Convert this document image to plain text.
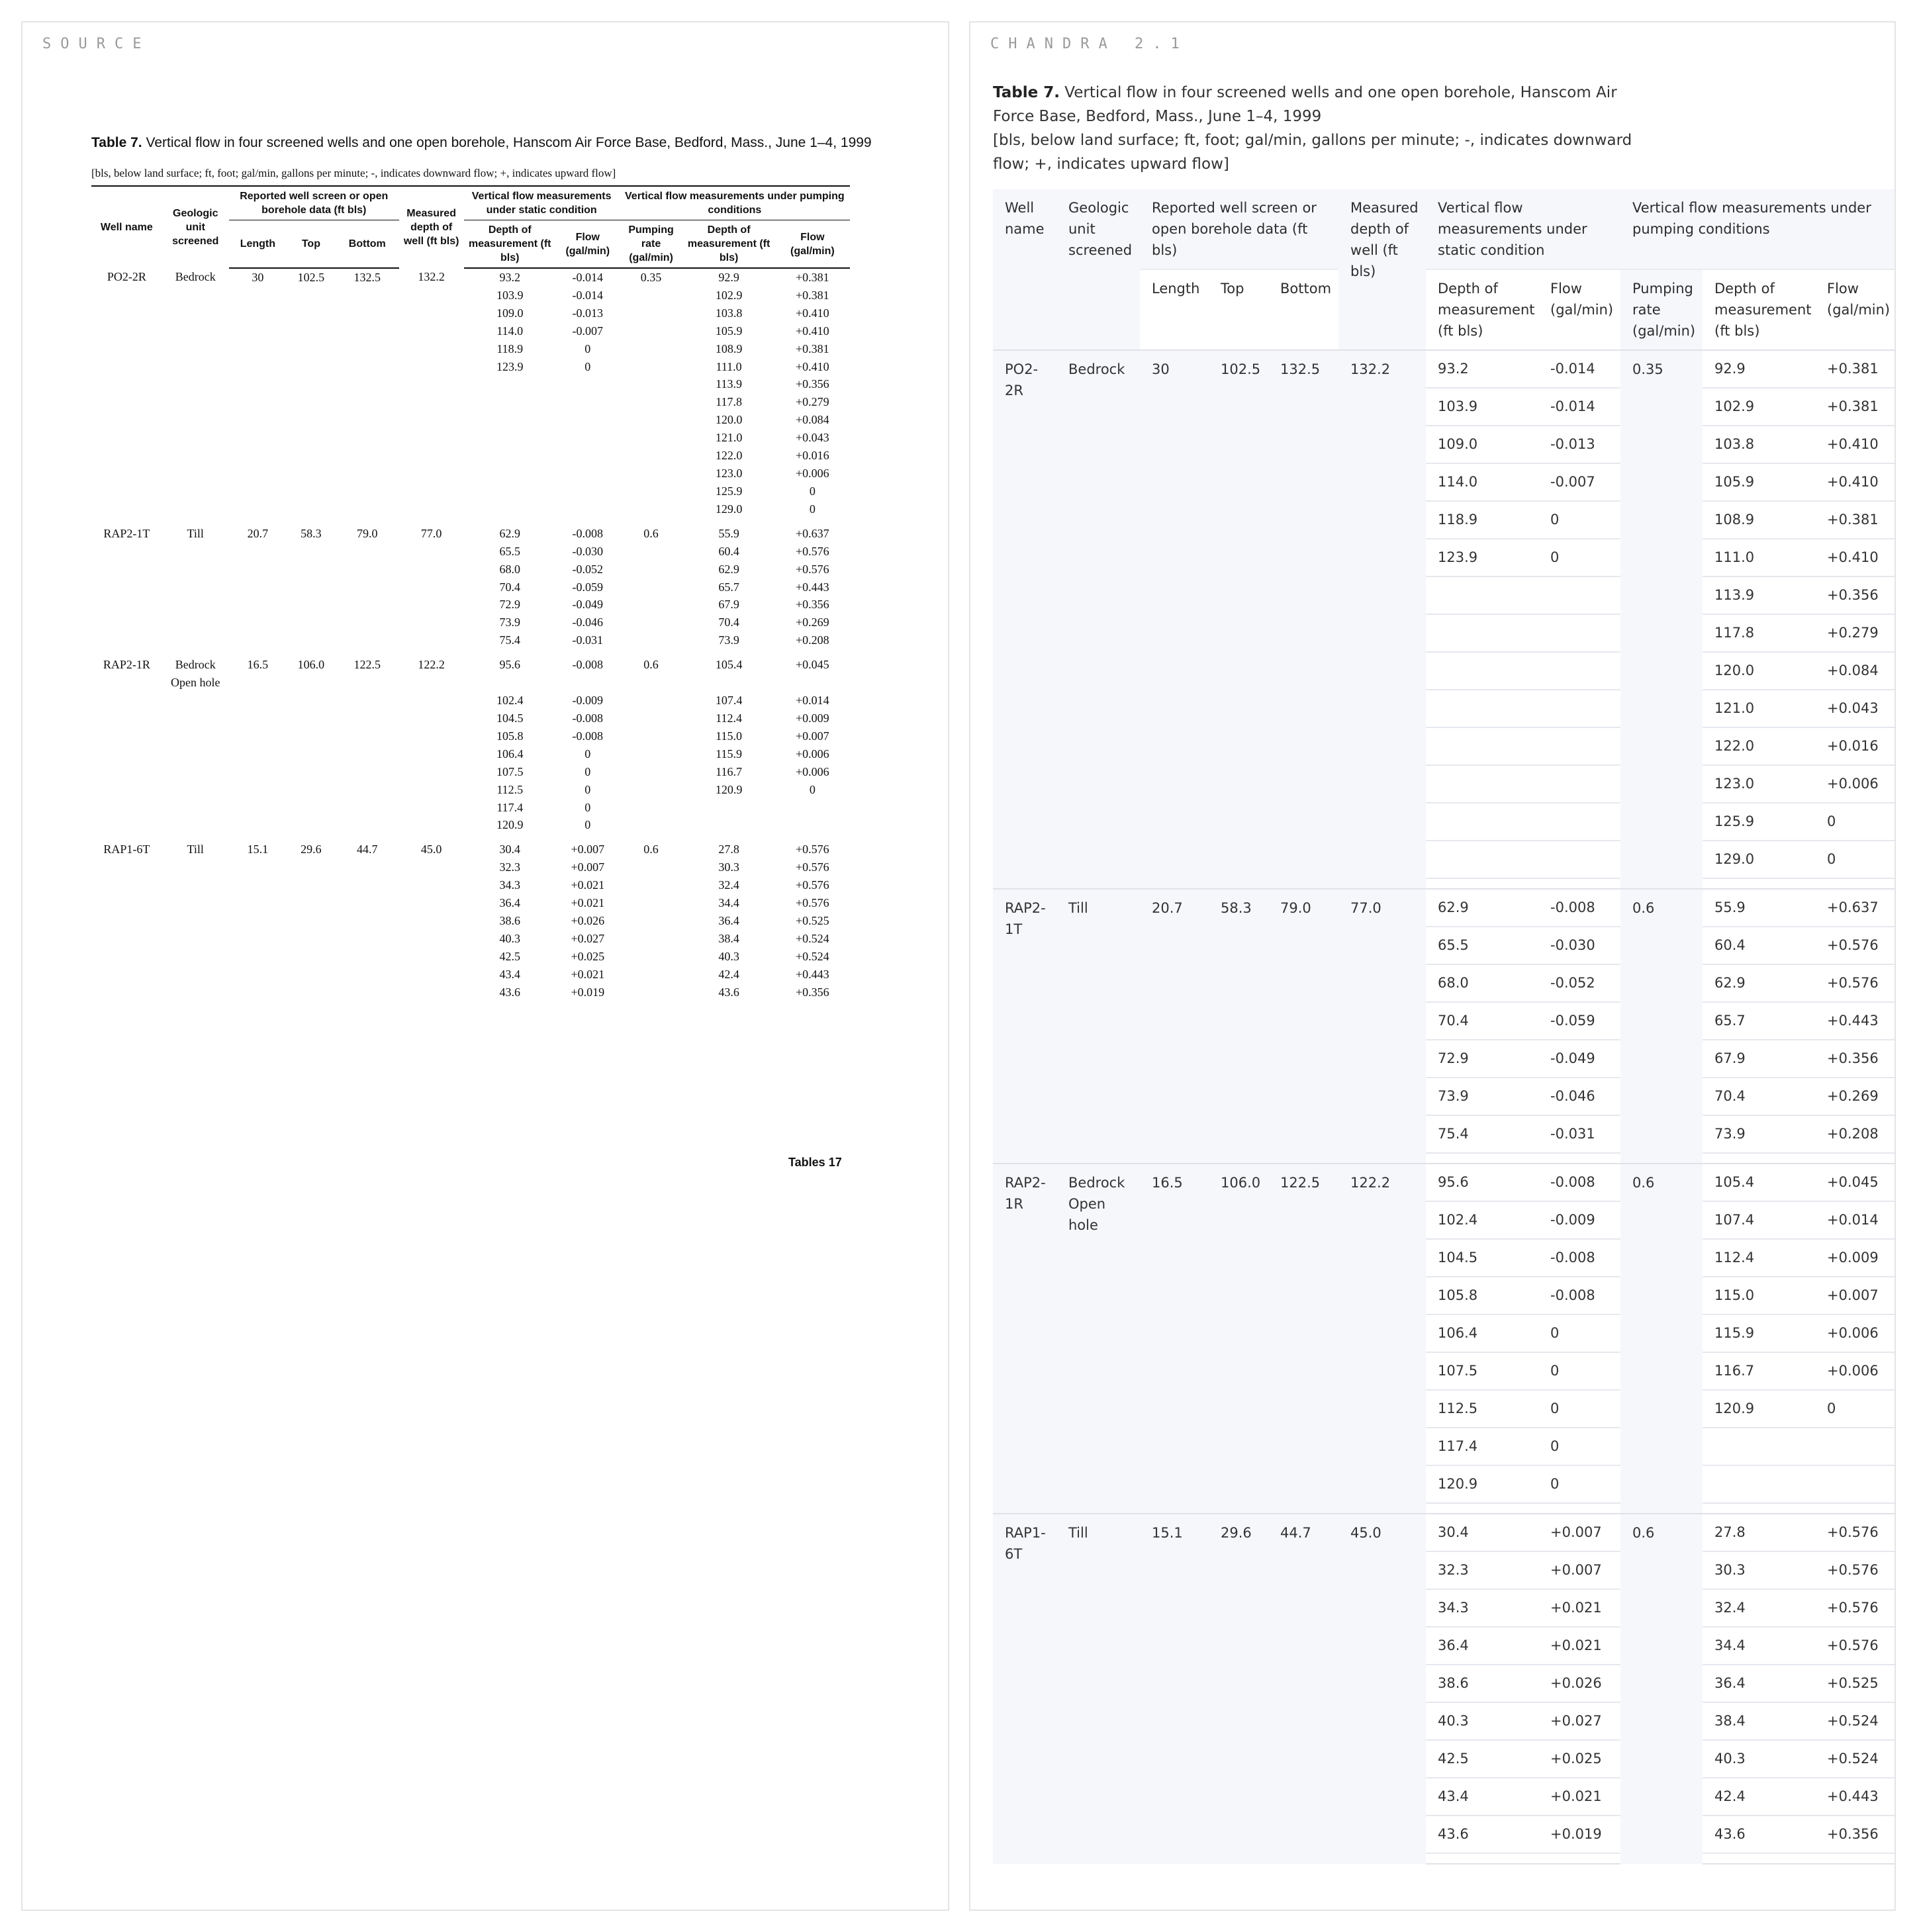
SOURCE
Table 7. Vertical flow in four screened wells and one open borehole, Hanscom Air Force Base, Bedford, Mass., June 1–4, 1999
[bls, below land surface; ft, foot; gal/min, gallons per minute; -, indicates downward flow; +, indicates upward flow]
Well name	Geologic unit screened	Reported well screen or open borehole data (ft bls)			Measured depth of well (ft bls)	Vertical flow measurements under static condition		Vertical flow measurements under pumping conditions		
		Length	Top	Bottom		Depth of measurement (ft bls)	Flow (gal/min)	Pumping rate (gal/min)	Depth of measurement (ft bls)	Flow (gal/min)
PO2-2R	Bedrock	30	102.5	132.5	132.2	93.2	-0.014	0.35	92.9	+0.381
						103.9	-0.014		102.9	+0.381
						109.0	-0.013		103.8	+0.410
						114.0	-0.007		105.9	+0.410
						118.9	0		108.9	+0.381
						123.9	0		111.0	+0.410
									113.9	+0.356
									117.8	+0.279
									120.0	+0.084
									121.0	+0.043
									122.0	+0.016
									123.0	+0.006
									125.9	0
									129.0	0
RAP2-1T	Till	20.7	58.3	79.0	77.0	62.9	-0.008	0.6	55.9	+0.637
						65.5	-0.030		60.4	+0.576
						68.0	-0.052		62.9	+0.576
						70.4	-0.059		65.7	+0.443
						72.9	-0.049		67.9	+0.356
						73.9	-0.046		70.4	+0.269
						75.4	-0.031		73.9	+0.208
RAP2-1R	Bedrock Open hole	16.5	106.0	122.5	122.2	95.6	-0.008	0.6	105.4	+0.045
						102.4	-0.009		107.4	+0.014
						104.5	-0.008		112.4	+0.009
						105.8	-0.008		115.0	+0.007
						106.4	0		115.9	+0.006
						107.5	0		116.7	+0.006
						112.5	0		120.9	0
						117.4	0			
						120.9	0			
RAP1-6T	Till	15.1	29.6	44.7	45.0	30.4	+0.007	0.6	27.8	+0.576
						32.3	+0.007		30.3	+0.576
						34.3	+0.021		32.4	+0.576
						36.4	+0.021		34.4	+0.576
						38.6	+0.026		36.4	+0.525
						40.3	+0.027		38.4	+0.524
						42.5	+0.025		40.3	+0.524
						43.4	+0.021		42.4	+0.443
						43.6	+0.019		43.6	+0.356
Tables 17
CHANDRA 2.1
Table 7. Vertical flow in four screened wells and one open borehole, Hanscom Air Force Base, Bedford, Mass., June 1–4, 1999
[bls, below land surface; ft, foot; gal/min, gallons per minute; -, indicates downward flow; +, indicates upward flow]
Well name	Geologic unit screened	Reported well screen or open borehole data (ft bls)			Measured depth of well (ft bls)	Vertical flow measurements under static condition		Vertical flow measurements under pumping conditions		
		Length	Top	Bottom		Depth of measurement (ft bls)	Flow (gal/min)	Pumping rate (gal/min)	Depth of measurement (ft bls)	Flow (gal/min)
PO2-2R	Bedrock	30	102.5	132.5	132.2	93.2	-0.014	0.35	92.9	+0.381
						103.9	-0.014		102.9	+0.381
						109.0	-0.013		103.8	+0.410
						114.0	-0.007		105.9	+0.410
						118.9	0		108.9	+0.381
						123.9	0		111.0	+0.410
									113.9	+0.356
									117.8	+0.279
									120.0	+0.084
									121.0	+0.043
									122.0	+0.016
									123.0	+0.006
									125.9	0
									129.0	0

RAP2-1T	Till	20.7	58.3	79.0	77.0	62.9	-0.008	0.6	55.9	+0.637
						65.5	-0.030		60.4	+0.576
						68.0	-0.052		62.9	+0.576
						70.4	-0.059		65.7	+0.443
						72.9	-0.049		67.9	+0.356
						73.9	-0.046		70.4	+0.269
						75.4	-0.031		73.9	+0.208

RAP2-1R	Bedrock Open hole	16.5	106.0	122.5	122.2	95.6	-0.008	0.6	105.4	+0.045
						102.4	-0.009		107.4	+0.014
						104.5	-0.008		112.4	+0.009
						105.8	-0.008		115.0	+0.007
						106.4	0		115.9	+0.006
						107.5	0		116.7	+0.006
						112.5	0		120.9	0
						117.4	0			
						120.9	0			

RAP1-6T	Till	15.1	29.6	44.7	45.0	30.4	+0.007	0.6	27.8	+0.576
						32.3	+0.007		30.3	+0.576
						34.3	+0.021		32.4	+0.576
						36.4	+0.021		34.4	+0.576
						38.6	+0.026		36.4	+0.525
						40.3	+0.027		38.4	+0.524
						42.5	+0.025		40.3	+0.524
						43.4	+0.021		42.4	+0.443
						43.6	+0.019		43.6	+0.356
